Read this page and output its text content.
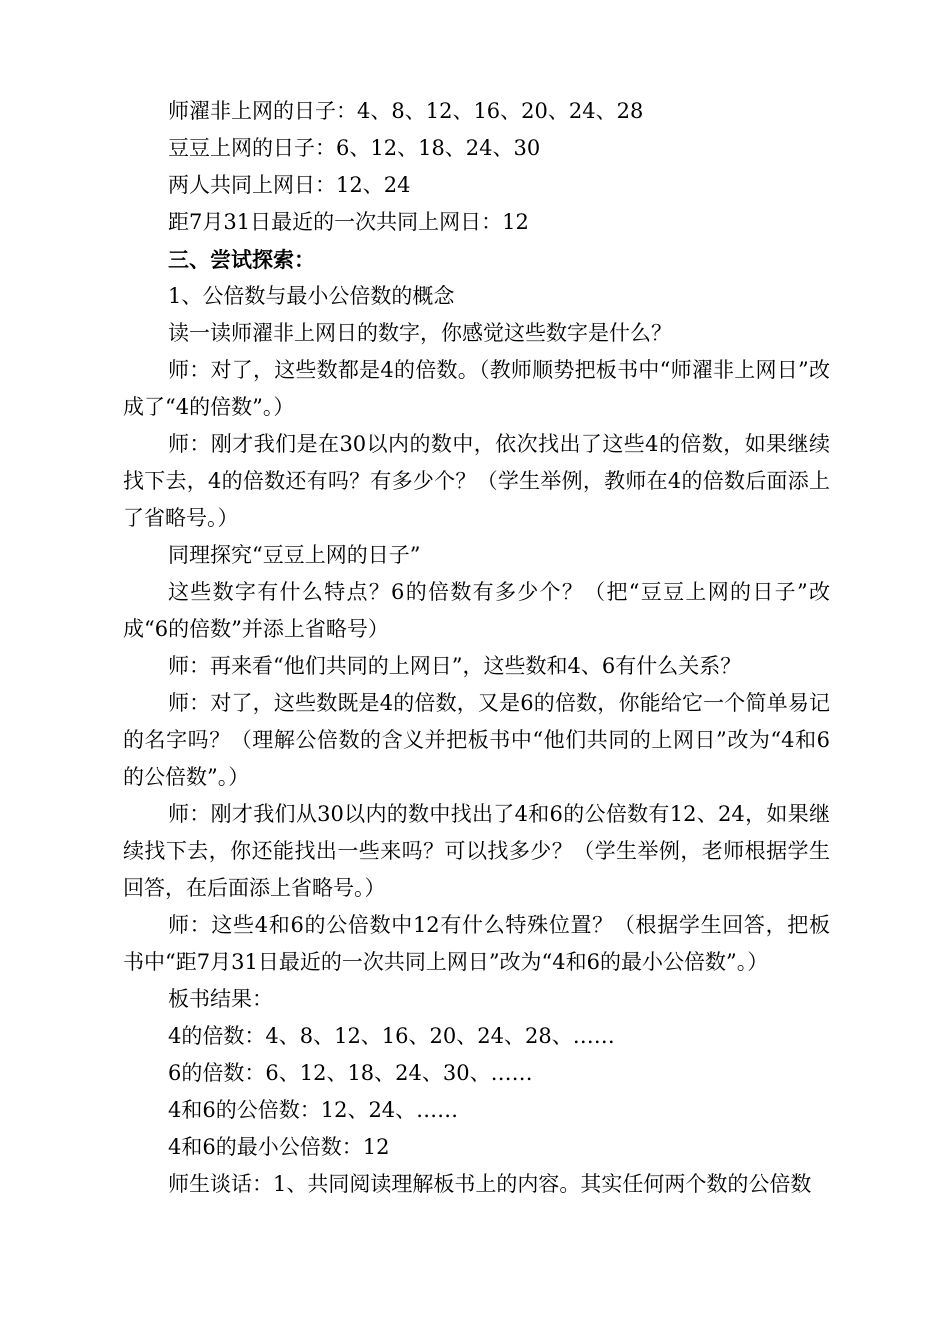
师濯非上网的日子：4、8、12、16、20、24、28

豆豆上网的日子：6、12、18、24、30

两人共同上网日：12、24

距7月31日最近的一次共同上网日：12

三、尝试探索：

1、公倍数与最小公倍数的概念

读一读师濯非上网日的数字，你感觉这些数字是什么？

师：对了，这些数都是4的倍数。（教师顺势把板书中“师濯非上网日”改成了“4的倍数”。）

师：刚才我们是在30以内的数中，依次找出了这些4的倍数，如果继续找下去，4的倍数还有吗？有多少个？（学生举例，教师在4的倍数后面添上了省略号。）

同理探究“豆豆上网的日子”

这些数字有什么特点？6的倍数有多少个？（把“豆豆上网的日子”改成“6的倍数”并添上省略号）

师：再来看“他们共同的上网日”，这些数和4、6有什么关系？

师：对了，这些数既是4的倍数，又是6的倍数，你能给它一个简单易记的名字吗？（理解公倍数的含义并把板书中“他们共同的上网日”改为“4和6的公倍数”。）

师：刚才我们从30以内的数中找出了4和6的公倍数有12、24，如果继续找下去，你还能找出一些来吗？可以找多少？（学生举例，老师根据学生回答，在后面添上省略号。）

师：这些4和6的公倍数中12有什么特殊位置？（根据学生回答，把板书中“距7月31日最近的一次共同上网日”改为“4和6的最小公倍数”。）

板书结果：

4的倍数：4、8、12、16、20、24、28、……

6的倍数：6、12、18、24、30、……

4和6的公倍数：12、24、……

4和6的最小公倍数：12

师生谈话：1、共同阅读理解板书上的内容。其实任何两个数的公倍数
